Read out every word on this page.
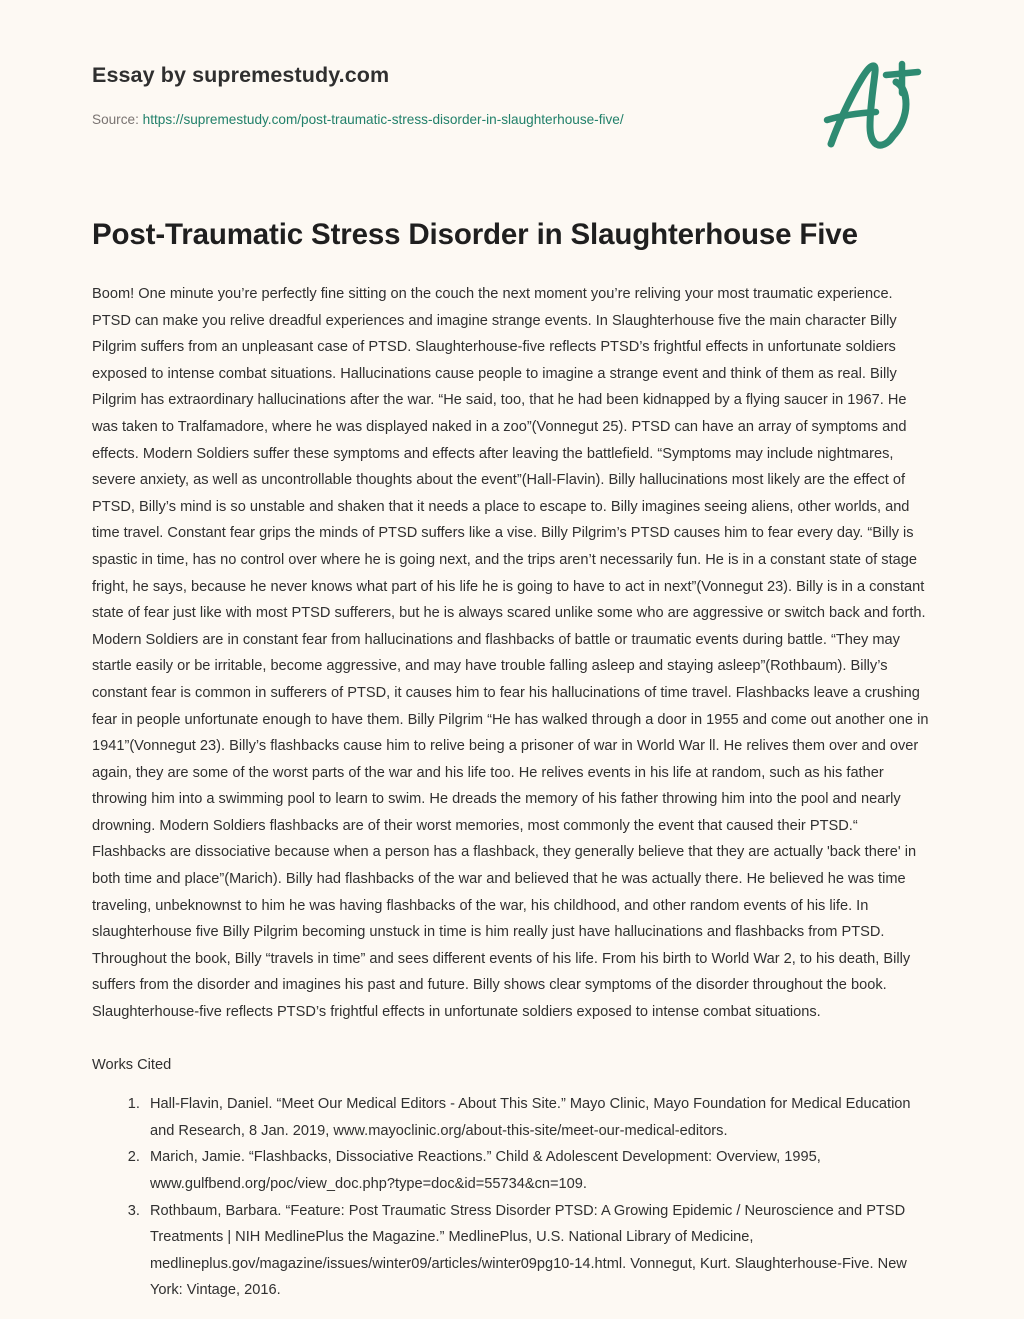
Essay by supremestudy.com
Source: https://supremestudy.com/post-traumatic-stress-disorder-in-slaughterhouse-five/
Post-Traumatic Stress Disorder in Slaughterhouse Five

Boom! One minute you’re perfectly fine sitting on the couch the next moment you’re reliving your most traumatic experience. PTSD can make you relive dreadful experiences and imagine strange events. In Slaughterhouse five the main character Billy Pilgrim suffers from an unpleasant case of PTSD. Slaughterhouse-five reflects PTSD’s frightful effects in unfortunate soldiers exposed to intense combat situations. Hallucinations cause people to imagine a strange event and think of them as real. Billy Pilgrim has extraordinary hallucinations after the war. “He said, too, that he had been kidnapped by a flying saucer in 1967. He was taken to Tralfamadore, where he was displayed naked in a zoo”(Vonnegut 25). PTSD can have an array of symptoms and effects. Modern Soldiers suffer these symptoms and effects after leaving the battlefield. “Symptoms may include nightmares, severe anxiety, as well as uncontrollable thoughts about the event”(Hall-Flavin). Billy hallucinations most likely are the effect of PTSD, Billy’s mind is so unstable and shaken that it needs a place to escape to. Billy imagines seeing aliens, other worlds, and time travel. Constant fear grips the minds of PTSD suffers like a vise. Billy Pilgrim’s PTSD causes him to fear every day. “Billy is spastic in time, has no control over where he is going next, and the trips aren’t necessarily fun. He is in a constant state of stage fright, he says, because he never knows what part of his life he is going to have to act in next”(Vonnegut 23). Billy is in a constant state of fear just like with most PTSD sufferers, but he is always scared unlike some who are aggressive or switch back and forth. Modern Soldiers are in constant fear from hallucinations and flashbacks of battle or traumatic events during battle. “They may startle easily or be irritable, become aggressive, and may have trouble falling asleep and staying asleep”(Rothbaum). Billy’s constant fear is common in sufferers of PTSD, it causes him to fear his hallucinations of time travel. Flashbacks leave a crushing fear in people unfortunate enough to have them. Billy Pilgrim “He has walked through a door in 1955 and come out another one in 1941”(Vonnegut 23). Billy’s flashbacks cause him to relive being a prisoner of war in World War ll. He relives them over and over again, they are some of the worst parts of the war and his life too. He relives events in his life at random, such as his father throwing him into a swimming pool to learn to swim. He dreads the memory of his father throwing him into the pool and nearly drowning. Modern Soldiers flashbacks are of their worst memories, most commonly the event that caused their PTSD.“ Flashbacks are dissociative because when a person has a flashback, they generally believe that they are actually 'back there' in both time and place”(Marich). Billy had flashbacks of the war and believed that he was actually there. He believed he was time traveling, unbeknownst to him he was having flashbacks of the war, his childhood, and other random events of his life. In slaughterhouse five Billy Pilgrim becoming unstuck in time is him really just have hallucinations and flashbacks from PTSD. Throughout the book, Billy “travels in time” and sees different events of his life. From his birth to World War 2, to his death, Billy suffers from the disorder and imagines his past and future. Billy shows clear symptoms of the disorder throughout the book. Slaughterhouse-five reflects PTSD’s frightful effects in unfortunate soldiers exposed to intense combat situations.

Works Cited
1. Hall-Flavin, Daniel. “Meet Our Medical Editors - About This Site.” Mayo Clinic, Mayo Foundation for Medical Education and Research, 8 Jan. 2019, www.mayoclinic.org/about-this-site/meet-our-medical-editors.
2. Marich, Jamie. “Flashbacks, Dissociative Reactions.” Child & Adolescent Development: Overview, 1995, www.gulfbend.org/poc/view_doc.php?type=doc&id=55734&cn=109.
3. Rothbaum, Barbara. “Feature: Post Traumatic Stress Disorder PTSD: A Growing Epidemic / Neuroscience and PTSD Treatments | NIH MedlinePlus the Magazine.” MedlinePlus, U.S. National Library of Medicine, medlineplus.gov/magazine/issues/winter09/articles/winter09pg10-14.html. Vonnegut, Kurt. Slaughterhouse-Five. New York: Vintage, 2016.
